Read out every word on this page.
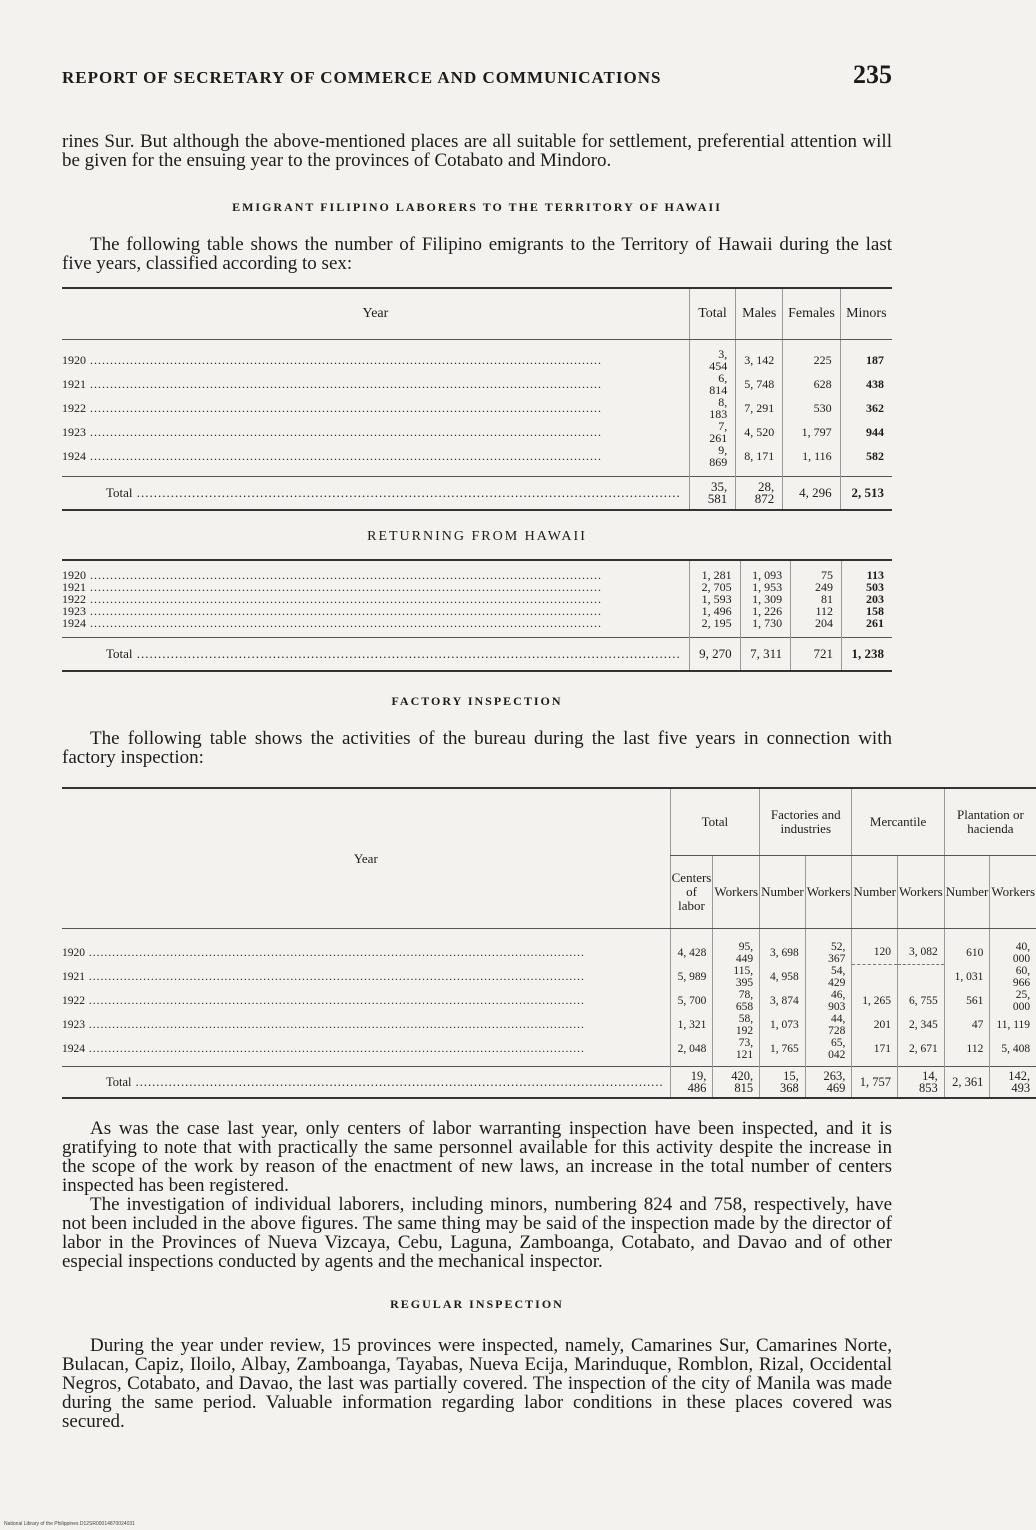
REPORT OF SECRETARY OF COMMERCE AND COMMUNICATIONS	235

rines Sur. But although the above-mentioned places are all suitable for settlement, preferential attention will be given for the ensuing year to the provinces of Cotabato and Mindoro.

EMIGRANT FILIPINO LABORERS TO THE TERRITORY OF HAWAII

The following table shows the number of Filipino emigrants to the Territory of Hawaii during the last five years, classified according to sex:

Year	Total	Males	Females	Minors

1920 .....	3, 454	3, 142	225	187

1921 .....	6, 814	5, 748	628	438

1922 .....	8, 183	7, 291	530	362

1923 .....	7, 261	4, 520	1, 797	944

1924 .....	9, 869	8, 171	1, 116	582

Total .....	35, 581	28, 872	4, 296	2, 513
RETURNING FROM HAWAII

1920 .....	1, 281	1, 093	75	113

1921 .....	2, 705	1, 953	249	503

1922 .....	1, 593	1, 309	81	203

1923 .....	1, 496	1, 226	112	158

1924 .....	2, 195	1, 730	204	261

Total .....	9, 270	7, 311	721	1, 238
FACTORY INSPECTION

The following table shows the activities of the bureau during the last five years in connection with factory inspection:

Year	Total		Factories and industries		Mercantile		Plantation or hacienda	
	Centers of labor	Workers	Number	Workers	Number	Workers	Number	Workers

1920 .....	4, 428	95, 449	3, 698	52, 367	120	3, 082	610	40, 000

1921 .....	5, 989	115, 395	4, 958	54, 429			1, 031	60, 966

1922 .....	5, 700	78, 658	3, 874	46, 903	1, 265	6, 755	561	25, 000

1923 .....	1, 321	58, 192	1, 073	44, 728	201	2, 345	47	11, 119

1924 .....	2, 048	73, 121	1, 765	65, 042	171	2, 671	112	5, 408

Total .....	19, 486	420, 815	15, 368	263, 469	1, 757	14, 853	2, 361	142, 493

As was the case last year, only centers of labor warranting inspection have been inspected, and it is gratifying to note that with practically the same personnel available for this activity despite the increase in the scope of the work by reason of the enactment of new laws, an increase in the total number of centers inspected has been registered.

The investigation of individual laborers, including minors, numbering 824 and 758, respectively, have not been included in the above figures. The same thing may be said of the inspection made by the director of labor in the Provinces of Nueva Vizcaya, Cebu, Laguna, Zamboanga, Cotabato, and Davao and of other especial inspections conducted by agents and the mechanical inspector.

REGULAR INSPECTION

During the year under review, 15 provinces were inspected, namely, Camarines Sur, Camarines Norte, Bulacan, Capiz, Iloilo, Albay, Zamboanga, Tayabas, Nueva Ecija, Marinduque, Romblon, Rizal, Occidental Negros, Cotabato, and Davao, the last was partially covered. The inspection of the city of Manila was made during the same period. Valuable information regarding labor conditions in these places covered was secured.

National Library of the Philippines D12SR00014870024031
